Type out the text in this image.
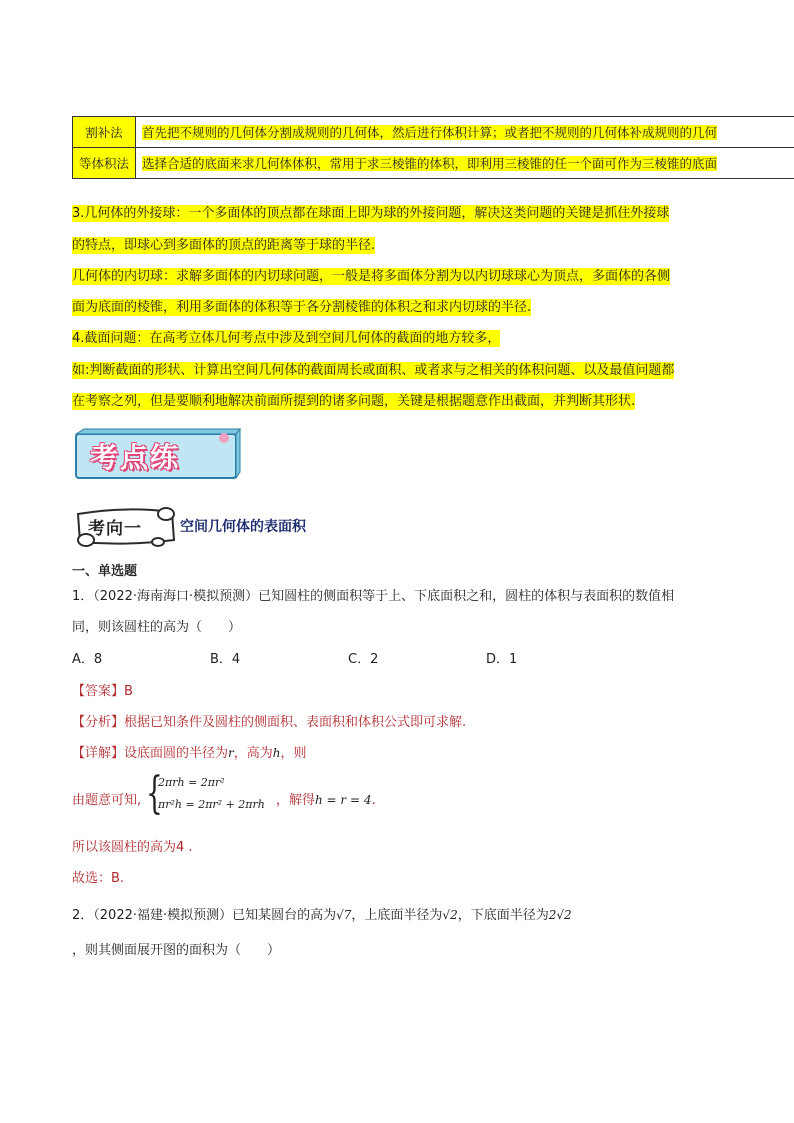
割补法	首先把不规则的几何体分割成规则的几何体，然后进行体积计算；或者把不规则的几何体补成规则的几何
等体积法	选择合适的底面来求几何体体积，常用于求三棱锥的体积，即利用三棱锥的任一个面可作为三棱锥的底面
3.几何体的外接球：一个多面体的顶点都在球面上即为球的外接问题，解决这类问题的关键是抓住外接球
的特点，即球心到多面体的顶点的距离等于球的半径.
几何体的内切球：求解多面体的内切球问题，一般是将多面体分割为以内切球球心为顶点，多面体的各侧
面为底面的棱锥，利用多面体的体积等于各分割棱锥的体积之和求内切球的半径.
4.截面问题：在高考立体几何考点中涉及到空间几何体的截面的地方较多，
如:判断截面的形状、计算出空间几何体的截面周长或面积、或者求与之相关的体积问题、以及最值问题都
在考察之列，但是要顺利地解决前面所提到的诸多问题，关键是根据题意作出截面，并判断其形状.
考点练
考向一	空间几何体的表面积
一、单选题
1．（2022·海南海口·模拟预测）已知圆柱的侧面积等于上、下底面积之和，圆柱的体积与表面积的数值相
同，则该圆柱的高为（　　）
A．8	B．4	C．2	D．1
【答案】B
【分析】根据已知条件及圆柱的侧面积、表面积和体积公式即可求解.
【详解】设底面圆的半径为r，高为h，则
由题意可知, {
2πrh = 2πr²
πr²h = 2πr² + 2πrh ，解得h = r = 4.
所以该圆柱的高为4 .
故选：B.
2．（2022·福建·模拟预测）已知某圆台的高为√7，上底面半径为√2，下底面半径为2√2
，则其侧面展开图的面积为（　　）
